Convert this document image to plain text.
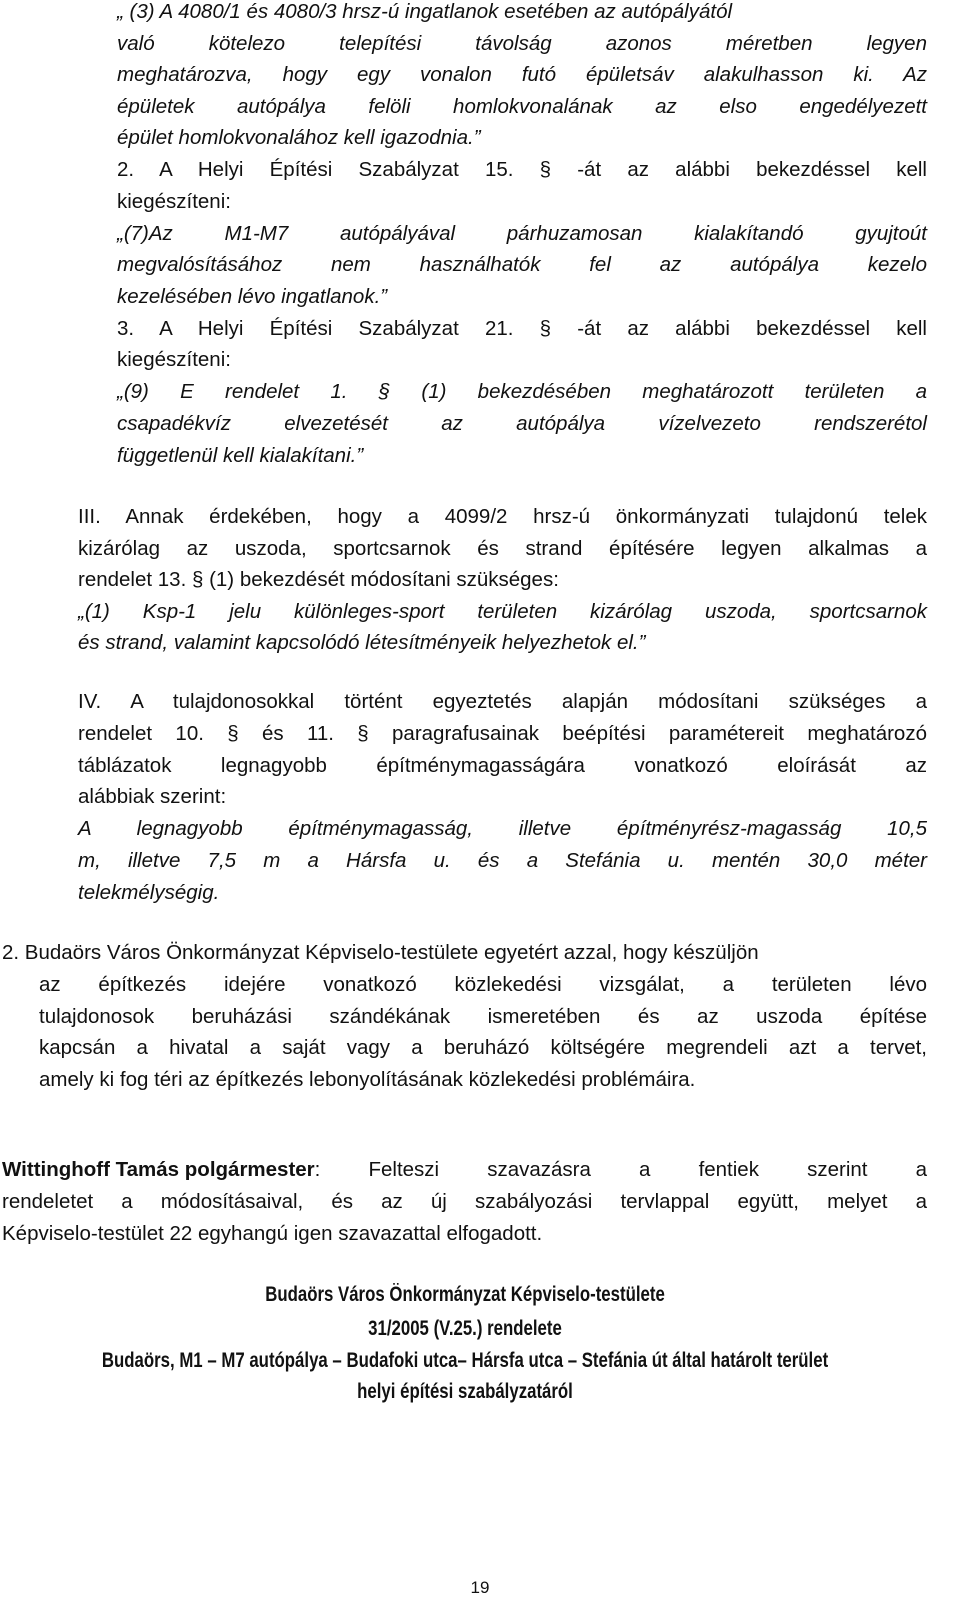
„ (3) A 4080/1 és 4080/3 hrsz-ú ingatlanok esetében az autópályától
való kötelezo telepítési távolság azonos méretben legyen
meghatározva, hogy egy vonalon futó épületsáv alakulhasson ki. Az
épületek autópálya felöli homlokvonalának az elso engedélyezett
épület homlokvonalához kell igazodnia.”
2. A Helyi Építési Szabályzat 15. § -át az alábbi bekezdéssel kell
kiegészíteni:
„(7)Az M1-M7 autópályával párhuzamosan kialakítandó gyujtoút
megvalósításához nem használhatók fel az autópálya kezelo
kezelésében lévo ingatlanok.”
3. A Helyi Építési Szabályzat 21. § -át az alábbi bekezdéssel kell
kiegészíteni:
„(9) E rendelet 1. § (1) bekezdésében meghatározott területen a
csapadékvíz elvezetését az autópálya vízelvezeto rendszerétol
függetlenül kell kialakítani.”
III. Annak érdekében, hogy a 4099/2 hrsz-ú önkormányzati tulajdonú telek
kizárólag az uszoda, sportcsarnok és strand építésére legyen alkalmas a
rendelet 13. § (1) bekezdését módosítani szükséges:
„(1) Ksp-1 jelu különleges-sport területen kizárólag uszoda, sportcsarnok
és strand, valamint kapcsolódó létesítményeik helyezhetok el.”
IV. A tulajdonosokkal történt egyeztetés alapján módosítani szükséges a
rendelet 10. § és 11. § paragrafusainak beépítési paramétereit meghatározó
táblázatok legnagyobb építménymagasságára vonatkozó eloírását az
alábbiak szerint:
A legnagyobb építménymagasság, illetve építményrész-magasság 10,5
m, illetve 7,5 m a Hársfa u. és a Stefánia u. mentén 30,0 méter
telekmélységig.
2. Budaörs Város Önkormányzat Képviselo-testülete egyetért azzal, hogy készüljön
az építkezés idejére vonatkozó közlekedési vizsgálat, a területen lévo
tulajdonosok beruházási szándékának ismeretében és az uszoda építése
kapcsán a hivatal a saját vagy a beruházó költségére megrendeli azt a tervet,
amely ki fog téri az építkezés lebonyolításának közlekedési problémáira.
Wittinghoff Tamás polgármester : Felteszi szavazásra a fentiek szerint a
rendeletet a módosításaival, és az új szabályozási tervlappal együtt, melyet a
Képviselo-testület 22 egyhangú igen szavazattal elfogadott.
Budaörs Város Önkormányzat Képviselo-testülete
31/2005 (V.25.) rendelete
Budaörs, M1 – M7 autópálya – Budafoki utca– Hársfa utca – Stefánia út által határolt terület
helyi építési szabályzatáról
19
